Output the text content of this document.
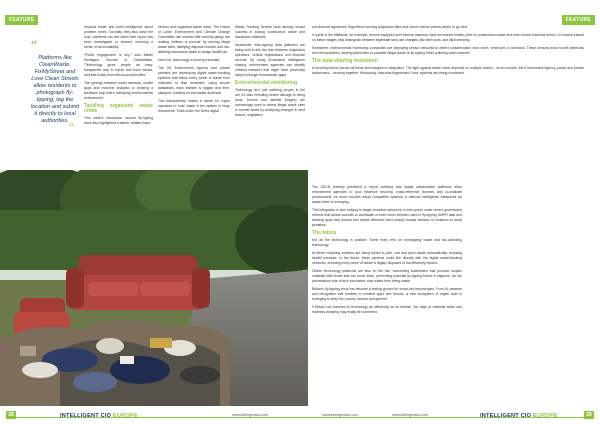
FEATURE	FEATURE
“
Platforms like CleanWaste, FixMyStreet and Love Clean Streets allow residents to photograph fly-tipping, tag the location and submit it directly to local authorities.
”

respond faster and build intelligence about problem zones. Crucially, they also close the loop: residents can see when their report has been investigated or cleared, restoring a sense of accountability.

“Public engagement is key,” said Martin Montague, founder of CleanWaste. “Technology gives people an easy, transparent way to report and track issues, and that builds trust with local authorities.”

The synergy between smart cameras, mobile apps and machine analytics is creating a feedback loop that’s reshaping environmental enforcement.

Tackling organised waste crime

This week’s discussion around fly-tipping have also highlighted a darker, related issue:

serious and organised waste crime. The House of Lords’ Environment and Climate Change Committee has warned that criminal gangs are making ‘millions of pounds’ by running illegal waste sites, falsifying disposal records and mis-labelling hazardous waste to dodge landfill tax.

Here too, technology is proving essential.

The UK Environment Agency and private partners are developing digital waste-tracking systems that follow every tonne of waste from collection to final treatment. Using secure databases, each transfer is logged and time-stamped, creating an immutable audit trail.

This transparency makes it harder for rogue operators to ‘lose’ waste in the system or forge documents. Trials under the Defra digital

Waste Tracking Service have already shown success in tracing construction waste and hazardous materials.

Meanwhile, inter-agency data platforms are being built to link the dots between suspicious operators, vehicle registrations and financial records. By using AI-assisted intelligence sharing, enforcement agencies can identify criminal networks that might have previously slipped through bureaucratic gaps.

Environmental monitoring

Technology isn’t just catching people in the act; it’s also revealing where damage is being done. Drones and satellite imagery are increasingly used to detect illegal waste sites in remote areas by analysing changes in land texture, vegetation

and thermal signatures. Algorithms can flag suspicious sites and inform human patrols where to go next.

In parts of the Midlands, for example, drones equipped with thermal cameras have uncovered hidden piles of construction waste and even buried chemical drums. AI models trained on these images help distinguish between legitimate land use changes, like farm work, and illicit dumping.

Elsewhere, environmental monitoring companies are deploying sensor networks to detect contamination near rivers, reservoirs or farmland. These sensors track runoff chemicals and microparticles, alerting authorities to possible illegal waste or fly-tipping that’s polluting water sources.

The data-sharing revolution

A recurring theme across all these technologies is integration. The fight against waste crime depends on multiple bodies – local councils, the Environment Agency, police and private landowners – working together. Historically, data was fragmented. Now, systems are being connected.

The OECD recently published a report outlining how digital collaboration platforms allow enforcement agencies to pool evidence securely, cross-reference licences and co-ordinate prosecutions. As more councils adopt compatible systems, a national intelligence framework for waste crime is emerging.

This integration is also helping to target remedial resources: a new power under recent government reforms that allows councils to confiscate or even crush vehicles used in fly-tipping. ANPR data and tracking apps help ensure that repeat offenders don’t simply change vehicles or locations to avoid penalties.

The future

Not all the technology is positive. Some fears rest on overlapping waste and tax-collecting technology.

AI-driven recycling systems are being tested to pick, sort and price waste automatically, reducing landfill pressure. In the future, these systems could link directly with the digital waste-tracking networks, ensuring every tonne of waste is legally disposed of but efficiently reused.

Citizen technology platforms are also on the rise, connecting businesses that produce surplus materials with those that can reuse them, preventing potential fly-tipping before it happens. It’s the preventative side of tech innovation: stop waste from being waste.

Britain’s fly-tipping crisis has become a testing ground for smart-city technologies. From AI cameras and recognition that enables to criminal apps and drones, a new ecosystem of digital tools is emerging to keep the country cleaner and greener.

If Britain can harness its technology as effectively as its rubbish, the days of roadside sofas and mattress dumping may finally be numbered.

28	INTELLIGENT CIO EUROPE	www.intelligentcio.com	www.intelligentcio.com	INTELLIGENT CIO EUROPE
www.intelligentcio.com	29
